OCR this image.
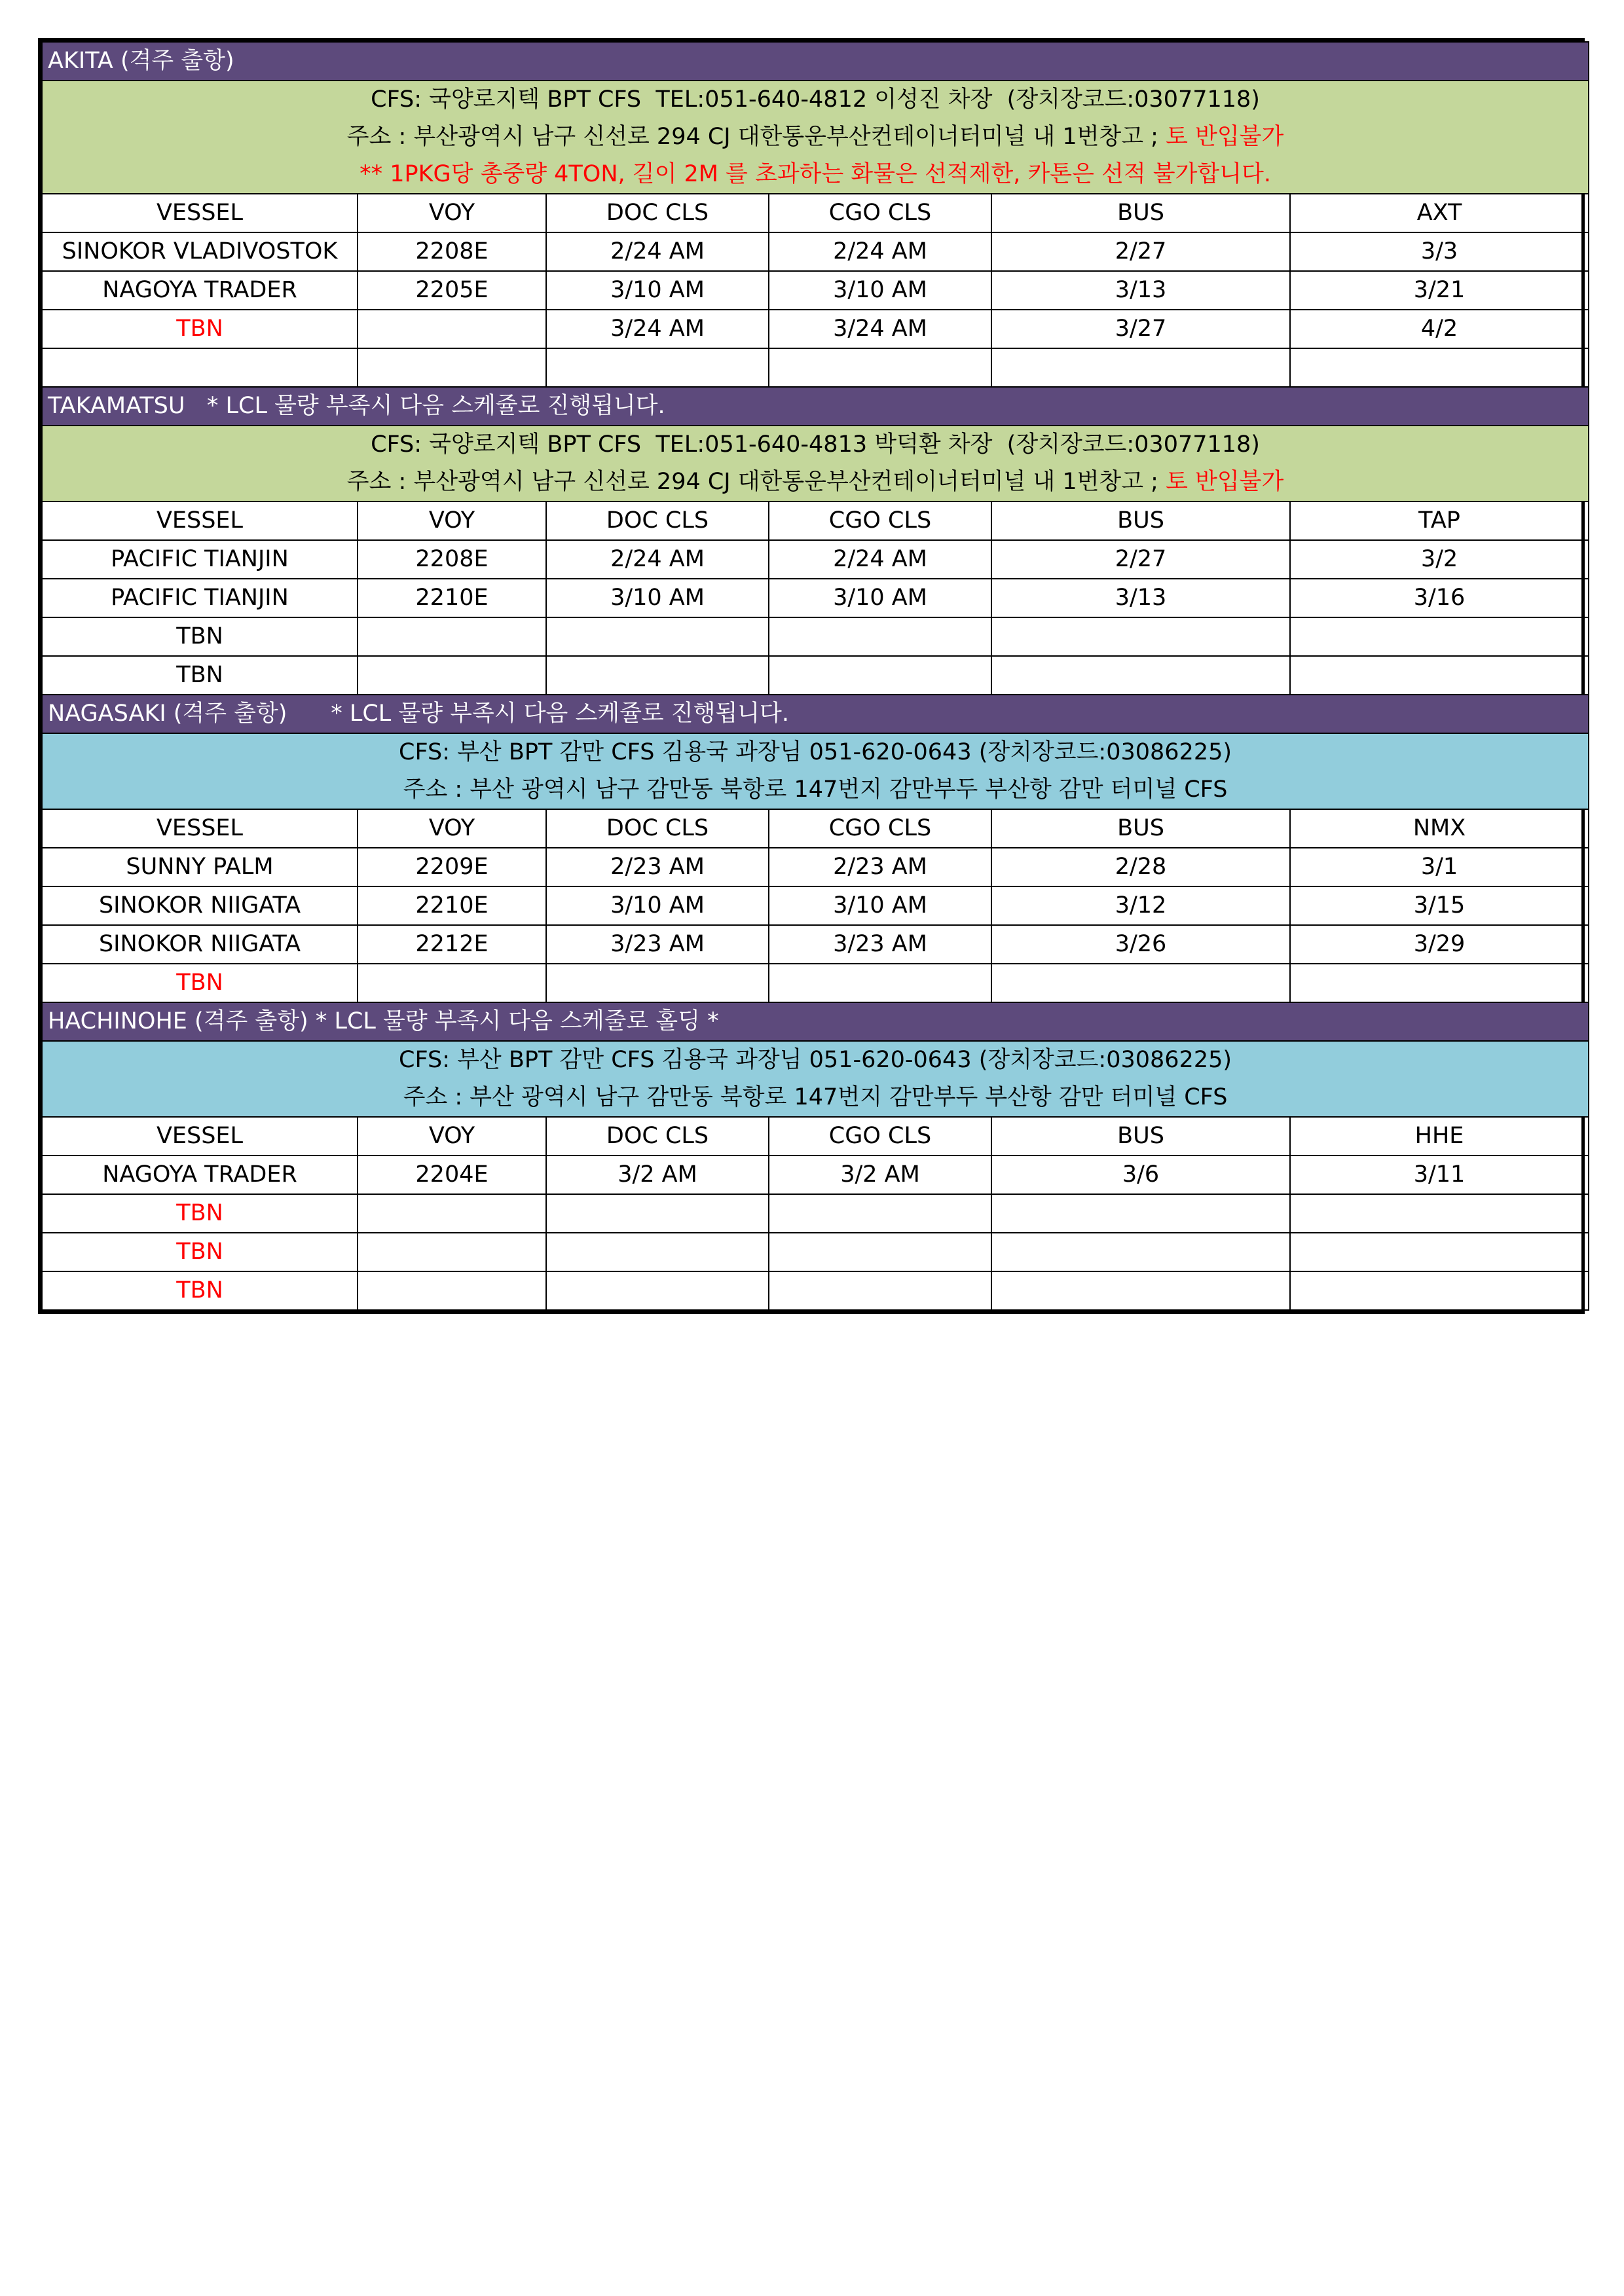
AKITA (격주 출항)					
CFS: 국양로지텍 BPT CFS  TEL:051-640-4812 이성진 차장  (장치장코드:03077118)					
주소 : 부산광역시 남구 신선로 294 CJ 대한통운부산컨테이너터미널 내 1번창고 ; 토 반입불가					
** 1PKG당 총중량 4TON, 길이 2M 를 초과하는 화물은 선적제한, 카톤은 선적 불가합니다.					
VESSEL	VOY	DOC CLS	CGO CLS	BUS	AXT
SINOKOR VLADIVOSTOK	2208E	2/24 AM	2/24 AM	2/27	3/3
NAGOYA TRADER	2205E	3/10 AM	3/10 AM	3/13	3/21
TBN		3/24 AM	3/24 AM	3/27	4/2

TAKAMATSU   * LCL 물량 부족시 다음 스케쥴로 진행됩니다.					
CFS: 국양로지텍 BPT CFS  TEL:051-640-4813 박덕환 차장  (장치장코드:03077118)					
주소 : 부산광역시 남구 신선로 294 CJ 대한통운부산컨테이너터미널 내 1번창고 ; 토 반입불가					
VESSEL	VOY	DOC CLS	CGO CLS	BUS	TAP
PACIFIC TIANJIN	2208E	2/24 AM	2/24 AM	2/27	3/2
PACIFIC TIANJIN	2210E	3/10 AM	3/10 AM	3/13	3/16
TBN					
TBN					
NAGASAKI (격주 출항)      * LCL 물량 부족시 다음 스케쥴로 진행됩니다.					
CFS: 부산 BPT 감만 CFS 김용국 과장님 051-620-0643 (장치장코드:03086225)					
주소 : 부산 광역시 남구 감만동 북항로 147번지 감만부두 부산항 감만 터미널 CFS					
VESSEL	VOY	DOC CLS	CGO CLS	BUS	NMX
SUNNY PALM	2209E	2/23 AM	2/23 AM	2/28	3/1
SINOKOR NIIGATA	2210E	3/10 AM	3/10 AM	3/12	3/15
SINOKOR NIIGATA	2212E	3/23 AM	3/23 AM	3/26	3/29
TBN					
HACHINOHE (격주 출항) * LCL 물량 부족시 다음 스케줄로 홀딩 *					
CFS: 부산 BPT 감만 CFS 김용국 과장님 051-620-0643 (장치장코드:03086225)					
주소 : 부산 광역시 남구 감만동 북항로 147번지 감만부두 부산항 감만 터미널 CFS					
VESSEL	VOY	DOC CLS	CGO CLS	BUS	HHE
NAGOYA TRADER	2204E	3/2 AM	3/2 AM	3/6	3/11
TBN					
TBN					
TBN					
